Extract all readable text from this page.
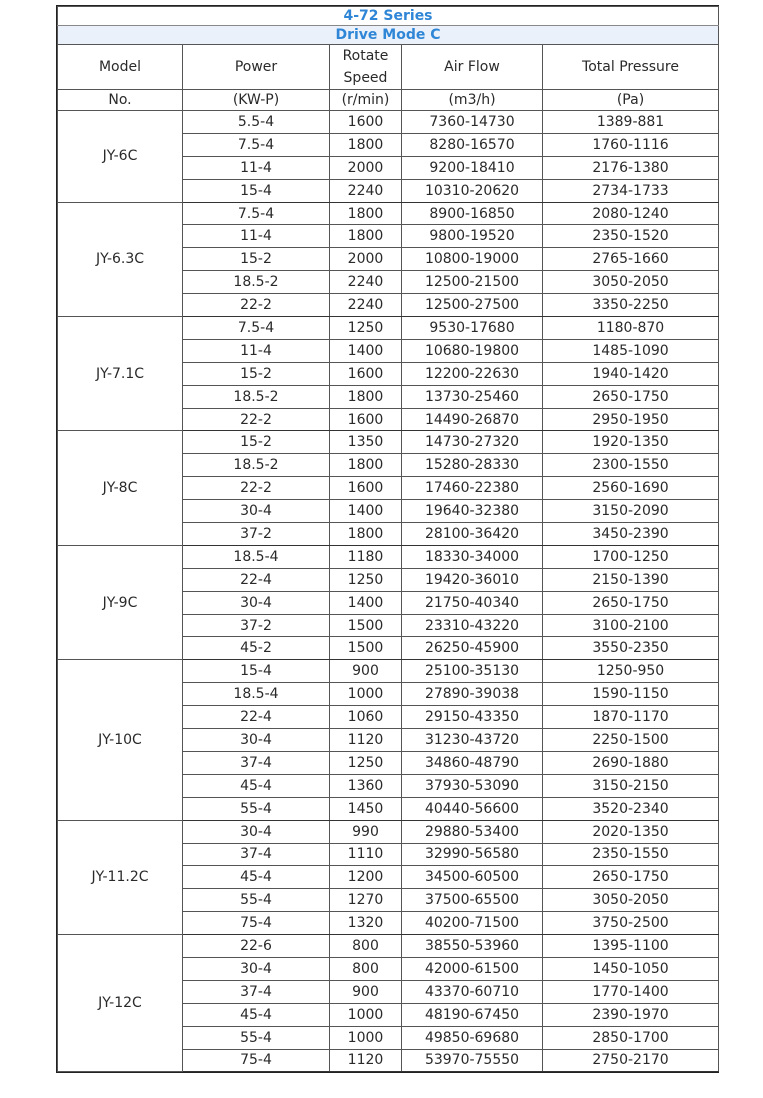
4-72 Series				
Drive Mode C				
Model	Power	Rotate Speed	Air Flow	Total Pressure
No.	(KW-P)	(r/min)	(m3/h)	(Pa)
JY-6C	5.5-4	1600	7360-14730	1389-881
	7.5-4	1800	8280-16570	1760-1116
	11-4	2000	9200-18410	2176-1380
	15-4	2240	10310-20620	2734-1733
JY-6.3C	7.5-4	1800	8900-16850	2080-1240
	11-4	1800	9800-19520	2350-1520
	15-2	2000	10800-19000	2765-1660
	18.5-2	2240	12500-21500	3050-2050
	22-2	2240	12500-27500	3350-2250
JY-7.1C	7.5-4	1250	9530-17680	1180-870
	11-4	1400	10680-19800	1485-1090
	15-2	1600	12200-22630	1940-1420
	18.5-2	1800	13730-25460	2650-1750
	22-2	1600	14490-26870	2950-1950
JY-8C	15-2	1350	14730-27320	1920-1350
	18.5-2	1800	15280-28330	2300-1550
	22-2	1600	17460-22380	2560-1690
	30-4	1400	19640-32380	3150-2090
	37-2	1800	28100-36420	3450-2390
JY-9C	18.5-4	1180	18330-34000	1700-1250
	22-4	1250	19420-36010	2150-1390
	30-4	1400	21750-40340	2650-1750
	37-2	1500	23310-43220	3100-2100
	45-2	1500	26250-45900	3550-2350
JY-10C	15-4	900	25100-35130	1250-950
	18.5-4	1000	27890-39038	1590-1150
	22-4	1060	29150-43350	1870-1170
	30-4	1120	31230-43720	2250-1500
	37-4	1250	34860-48790	2690-1880
	45-4	1360	37930-53090	3150-2150
	55-4	1450	40440-56600	3520-2340
JY-11.2C	30-4	990	29880-53400	2020-1350
	37-4	1110	32990-56580	2350-1550
	45-4	1200	34500-60500	2650-1750
	55-4	1270	37500-65500	3050-2050
	75-4	1320	40200-71500	3750-2500
JY-12C	22-6	800	38550-53960	1395-1100
	30-4	800	42000-61500	1450-1050
	37-4	900	43370-60710	1770-1400
	45-4	1000	48190-67450	2390-1970
	55-4	1000	49850-69680	2850-1700
	75-4	1120	53970-75550	2750-2170
